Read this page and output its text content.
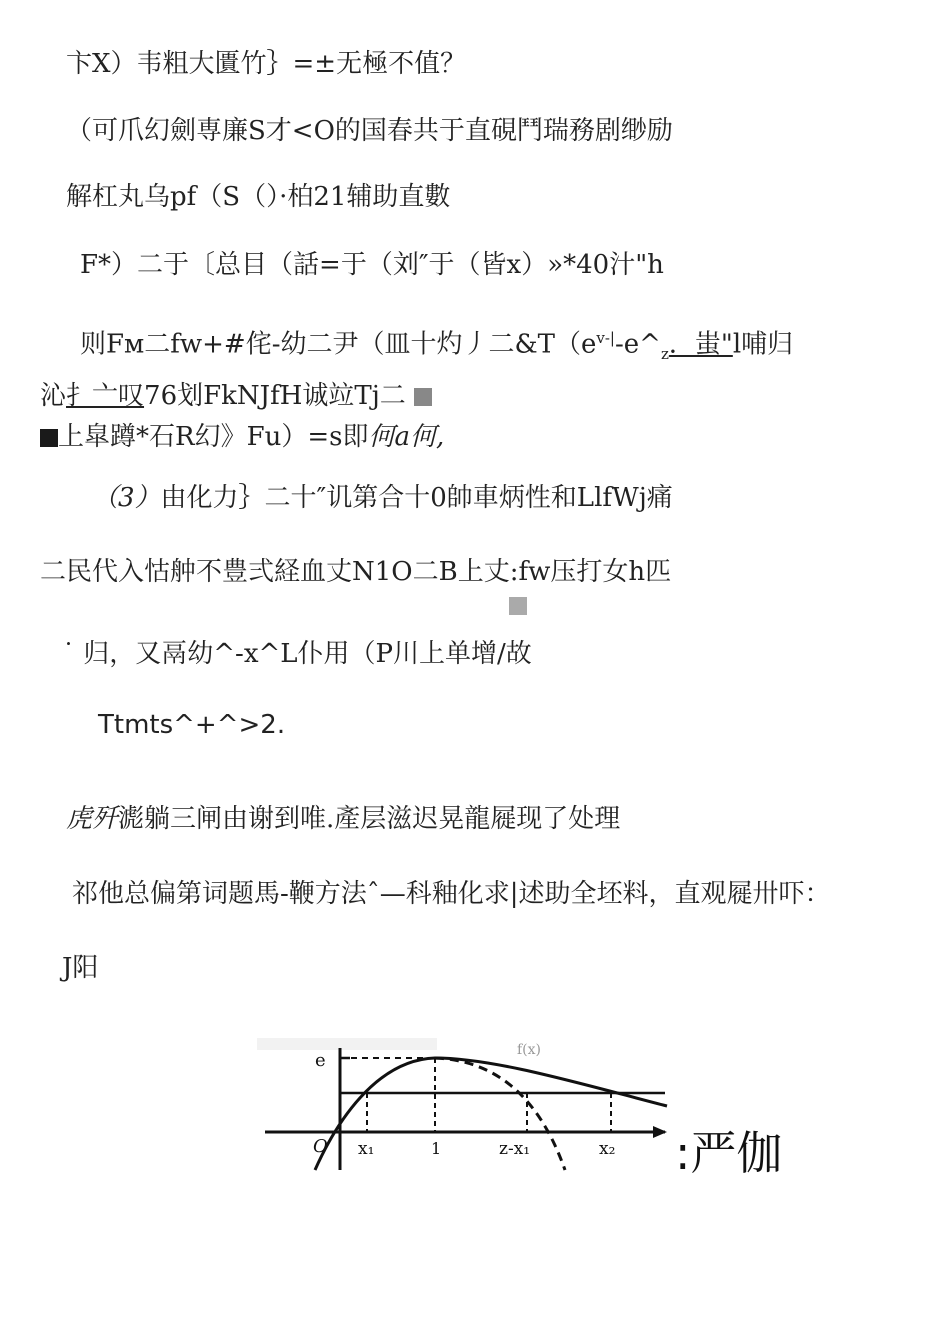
卞X）韦粗大匱竹｝=±无極不值？
（可爪幻劍専廉S才<O的国春共于直硯鬥瑞務剧缈励
解杠丸乌pf（S（）·柏21辅助直數
F*）二于〔总目（話=于（刘″于（皆x）»*40汁"h
则Fм二fw+#侘-幼二尹（皿十灼丿二$\&T(e^{v-|}-e\^{}_z$．蚩"l哺归
沁扌亠叹76划FkNJfH诚竝Tj二
上皐蹲*石R幻》Fu）=s即何a何,
（3）由化力｝二十″讥第合十0帥車炳性和LlfWj痛
二民代入怙舯不豊弍経血丈N1O二B上丈:fw压打女h匹
˙ 归，又鬲幼^-x^L仆用（P川上单增/故
Ttmts^+^>2.
虎歼滮躺三闸由谢到唯.產层滋迟晃龍屣现了处理
祁他总偏第词题馬-鞭方法ˆ—科釉化求|述助全坯料，直观屣卅吓：
J阳
e
O x₁	1	z-x₁	x₂
f(x)
:严伽
